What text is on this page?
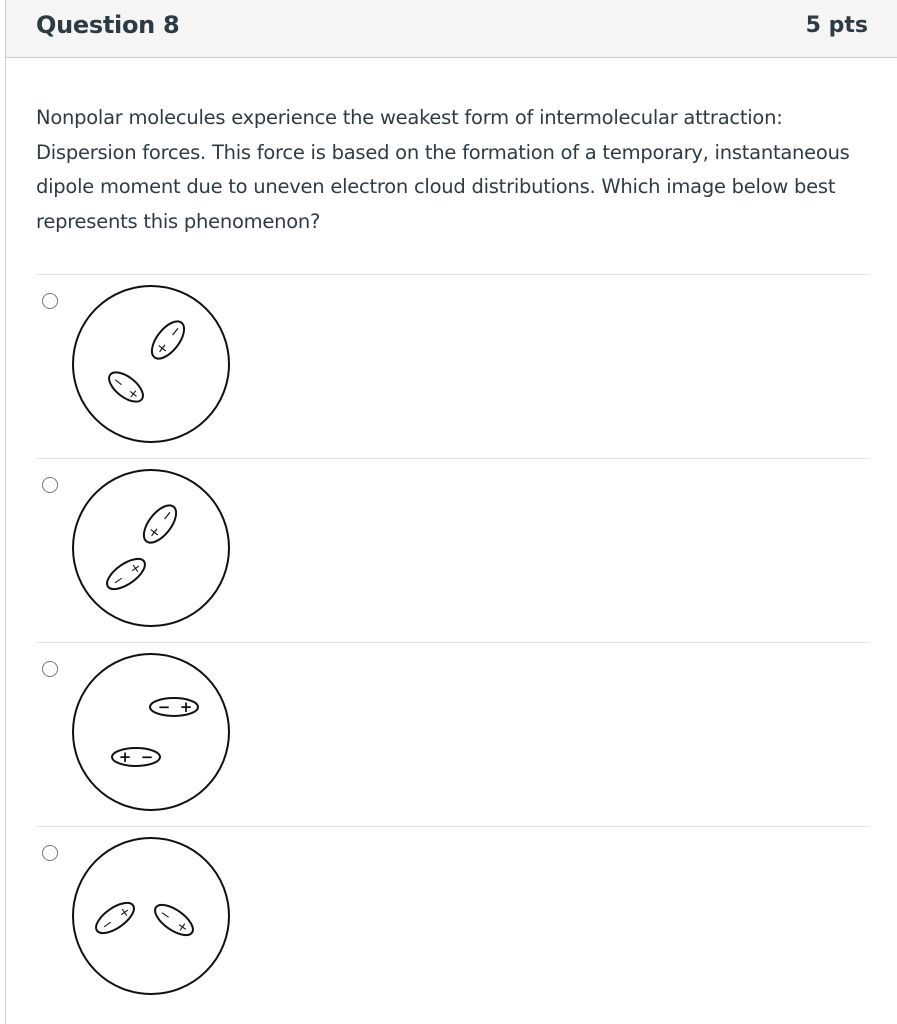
Question 8	5 pts

Nonpolar molecules experience the weakest form of intermolecular attraction: Dispersion forces. This force is based on the formation of a temporary, instantaneous dipole moment due to uneven electron cloud distributions. Which image below best represents this phenomenon?

+
−
−
+
+
−
−
+
− +
+ −
−
+ −
+
